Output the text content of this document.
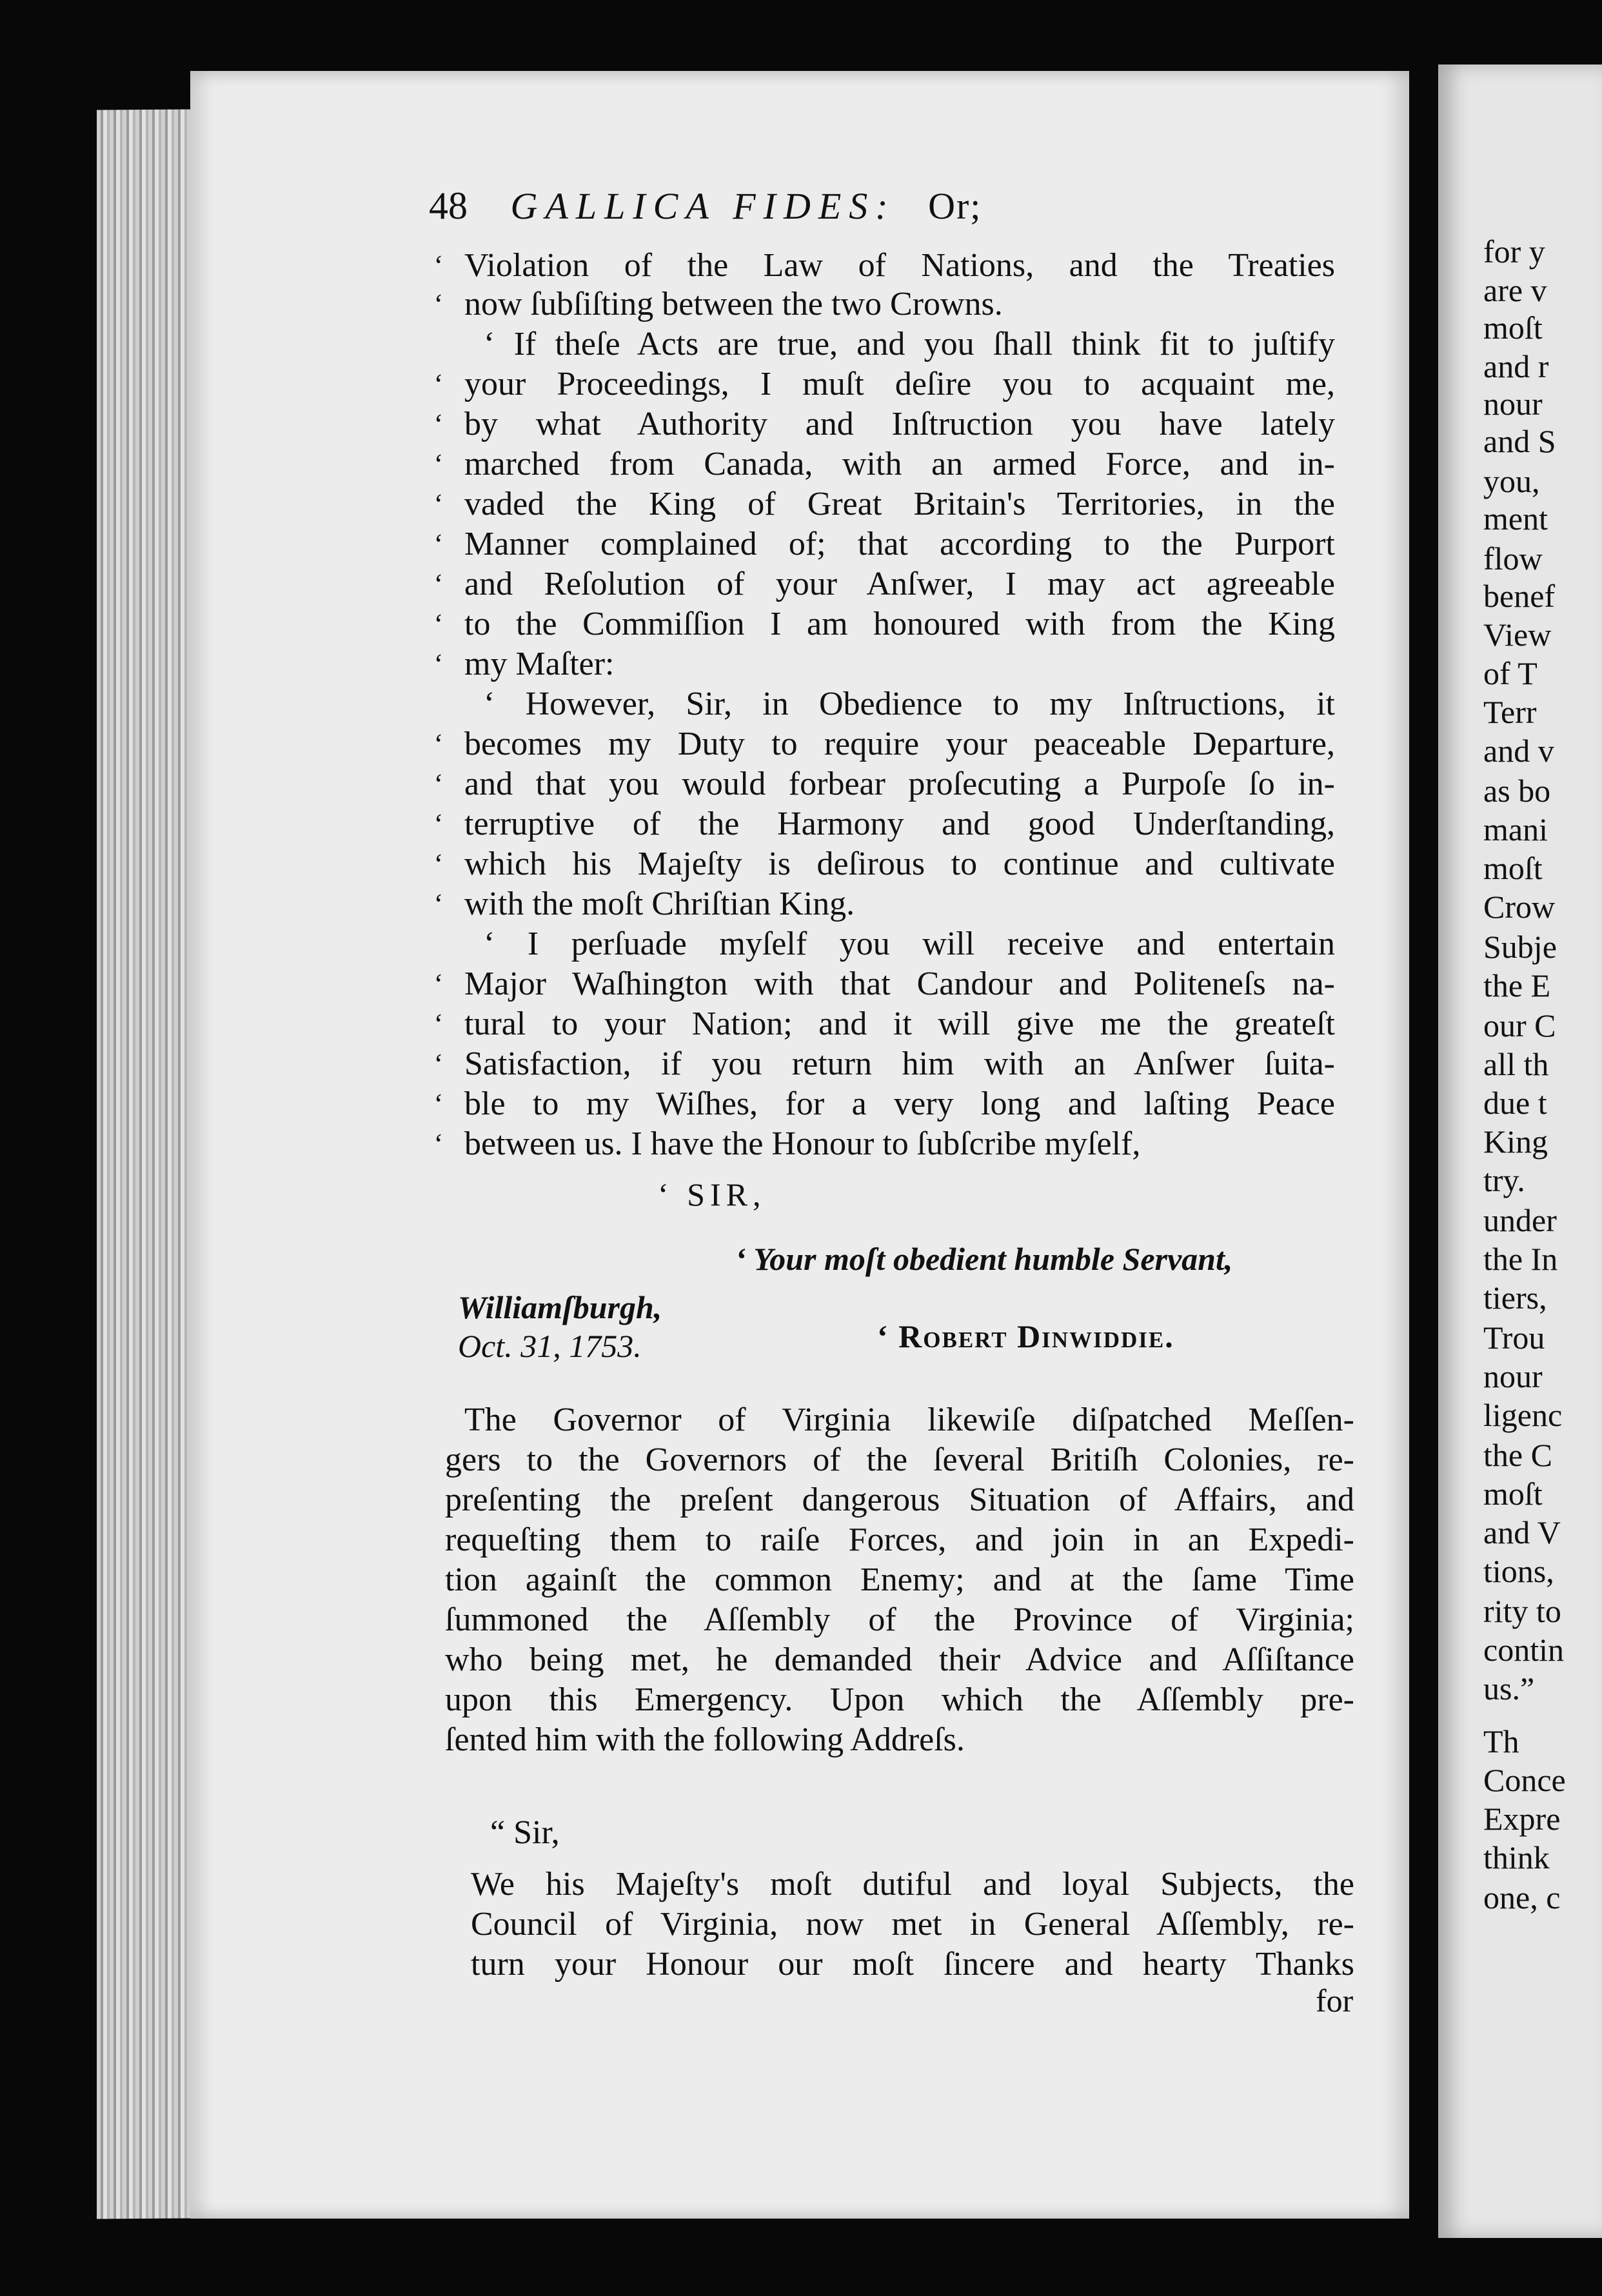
48 GALLICA FIDES: Or;
‘ Violation of the Law of Nations, and the Treaties
‘ now ſubſiſting between the two Crowns.
‘ If theſe Acts are true, and you ſhall think fit to juſtify
‘ your Proceedings, I muſt deſire you to acquaint me,
‘ by what Authority and Inſtruction you have lately
‘ marched from Canada, with an armed Force, and in-
‘ vaded the King of Great Britain's Territories, in the
‘ Manner complained of; that according to the Purport
‘ and Reſolution of your Anſwer, I may act agreeable
‘ to the Commiſſion I am honoured with from the King
‘ my Maſter:
‘ However, Sir, in Obedience to my Inſtructions, it
‘ becomes my Duty to require your peaceable Departure,
‘ and that you would forbear proſecuting a Purpoſe ſo in-
‘ terruptive of the Harmony and good Underſtanding,
‘ which his Majeſty is deſirous to continue and cultivate
‘ with the moſt Chriſtian King.
‘ I perſuade myſelf you will receive and entertain
‘ Major Waſhington with that Candour and Politeneſs na-
‘ tural to your Nation; and it will give me the greateſt
‘ Satisfaction, if you return him with an Anſwer ſuita-
‘ ble to my Wiſhes, for a very long and laſting Peace
‘ between us. I have the Honour to ſubſcribe myſelf,
‘ SIR,
‘ Your moſt obedient humble Servant,
Williamſburgh,
Oct. 31, 1753.	‘ Robert Dinwiddie.
The Governor of Virginia likewiſe diſpatched Meſſen-
gers to the Governors of the ſeveral Britiſh Colonies, re-
preſenting the preſent dangerous Situation of Affairs, and
requeſting them to raiſe Forces, and join in an Expedi-
tion againſt the common Enemy; and at the ſame Time
ſummoned the Aſſembly of the Province of Virginia;
who being met, he demanded their Advice and Aſſiſtance
upon this Emergency. Upon which the Aſſembly pre-
ſented him with the following Addreſs.
“ Sir,
We his Majeſty's moſt dutiful and loyal Subjects, the
Council of Virginia, now met in General Aſſembly, re-
turn your Honour our moſt ſincere and hearty Thanks
for
for y
are v
moſt
and r
nour
and S
you,
ment
flow
benef
View
of T
Terr
and v
as bo
mani
moſt
Crow
Subje
the E
our C
all th
due t
King
try.
under
the In
tiers,
Trou
nour
ligenc
the C
moſt
and V
tions,
rity to
contin
us.”
Th
Conce
Expre
think
one, c
